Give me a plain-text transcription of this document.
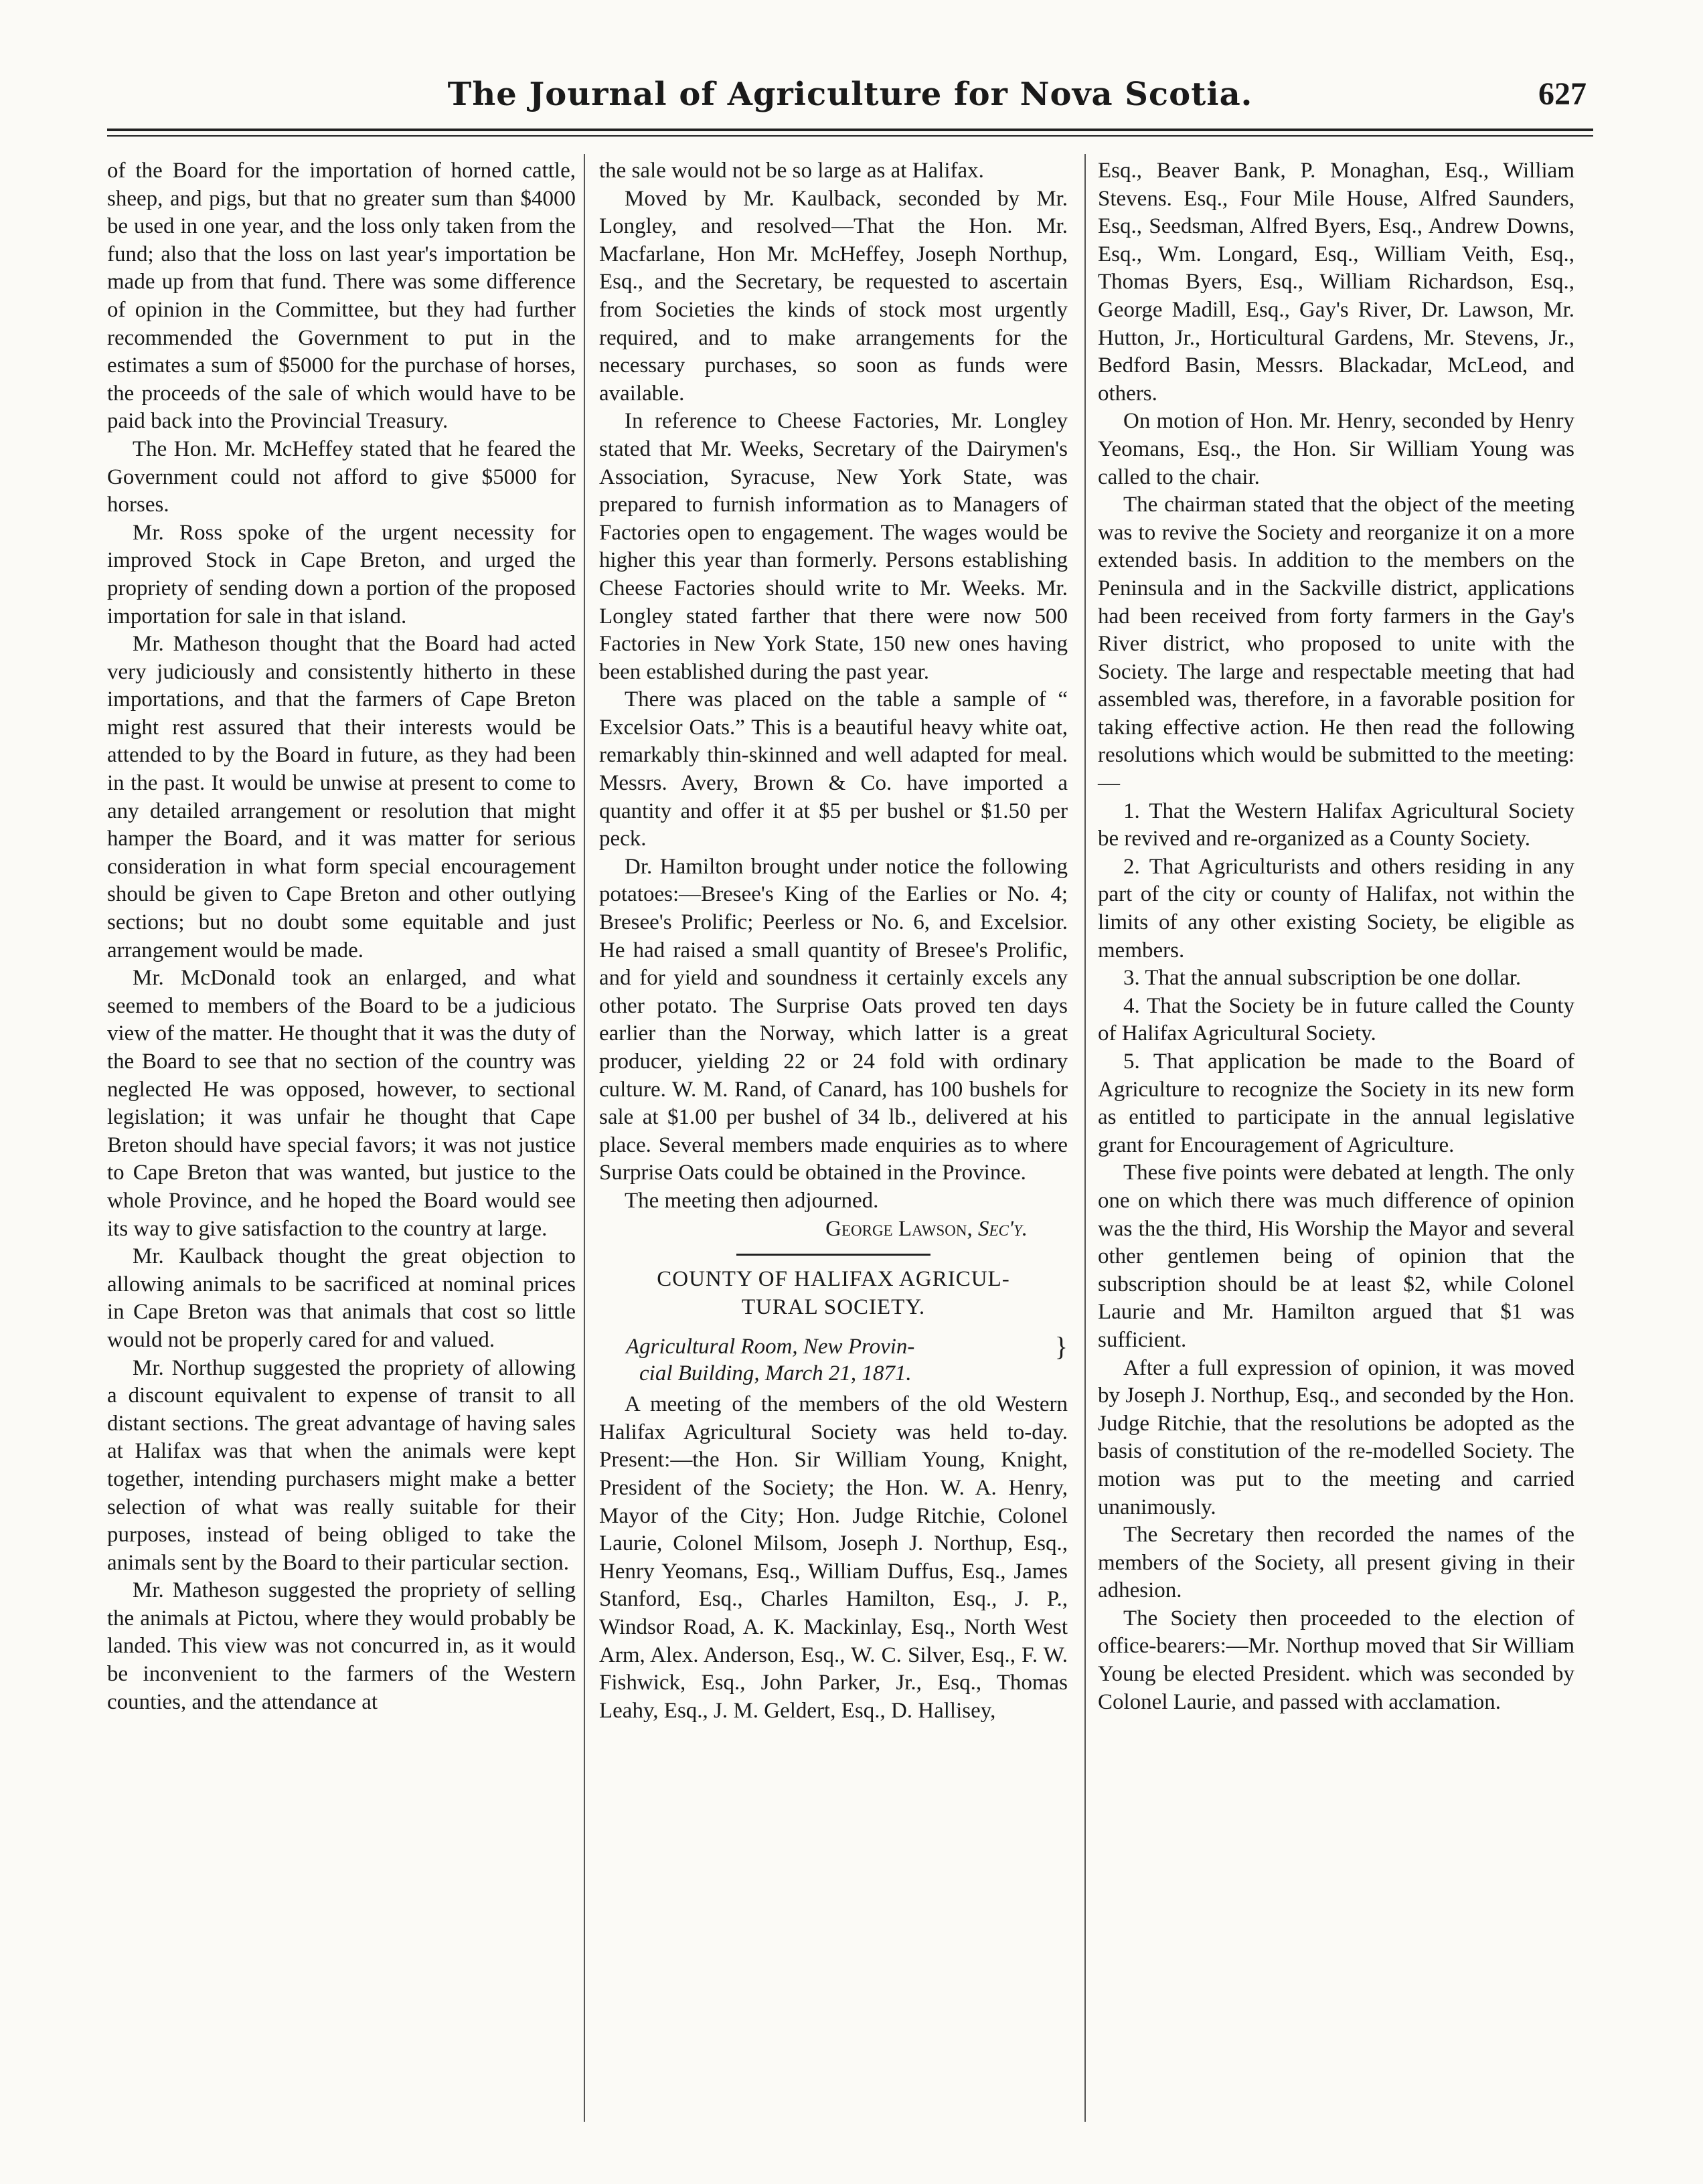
The Journal of Agriculture for Nova Scotia.	627

of the Board for the importation of horned cattle, sheep, and pigs, but that no greater sum than $4000 be used in one year, and the loss only taken from the fund; also that the loss on last year's importation be made up from that fund. There was some difference of opinion in the Committee, but they had further recommended the Government to put in the estimates a sum of $5000 for the purchase of horses, the proceeds of the sale of which would have to be paid back into the Provincial Treasury.

The Hon. Mr. McHeffey stated that he feared the Government could not afford to give $5000 for horses.

Mr. Ross spoke of the urgent necessity for improved Stock in Cape Breton, and urged the propriety of sending down a portion of the proposed importation for sale in that island.

Mr. Matheson thought that the Board had acted very judiciously and consistently hitherto in these importations, and that the farmers of Cape Breton might rest assured that their interests would be attended to by the Board in future, as they had been in the past. It would be unwise at present to come to any detailed arrangement or resolution that might hamper the Board, and it was matter for serious consideration in what form special encouragement should be given to Cape Breton and other outlying sections; but no doubt some equitable and just arrangement would be made.

Mr. McDonald took an enlarged, and what seemed to members of the Board to be a judicious view of the matter. He thought that it was the duty of the Board to see that no section of the country was neglected He was opposed, however, to sectional legislation; it was unfair he thought that Cape Breton should have special favors; it was not justice to Cape Breton that was wanted, but justice to the whole Province, and he hoped the Board would see its way to give satisfaction to the country at large.

Mr. Kaulback thought the great objection to allowing animals to be sacrificed at nominal prices in Cape Breton was that animals that cost so little would not be properly cared for and valued.

Mr. Northup suggested the propriety of allowing a discount equivalent to expense of transit to all distant sections. The great advantage of having sales at Halifax was that when the animals were kept together, intending purchasers might make a better selection of what was really suitable for their purposes, instead of being obliged to take the animals sent by the Board to their particular section.

Mr. Matheson suggested the propriety of selling the animals at Pictou, where they would probably be landed. This view was not concurred in, as it would be inconvenient to the farmers of the Western counties, and the attendance at

the sale would not be so large as at Halifax.

Moved by Mr. Kaulback, seconded by Mr. Longley, and resolved—That the Hon. Mr. Macfarlane, Hon Mr. McHeffey, Joseph Northup, Esq., and the Secretary, be requested to ascertain from Societies the kinds of stock most urgently required, and to make arrangements for the necessary purchases, so soon as funds were available.

In reference to Cheese Factories, Mr. Longley stated that Mr. Weeks, Secretary of the Dairymen's Association, Syracuse, New York State, was prepared to furnish information as to Managers of Factories open to engagement. The wages would be higher this year than formerly. Persons establishing Cheese Factories should write to Mr. Weeks. Mr. Longley stated farther that there were now 500 Factories in New York State, 150 new ones having been established during the past year.

There was placed on the table a sample of “ Excelsior Oats.” This is a beautiful heavy white oat, remarkably thin-skinned and well adapted for meal. Messrs. Avery, Brown & Co. have imported a quantity and offer it at $5 per bushel or $1.50 per peck.

Dr. Hamilton brought under notice the following potatoes:—Bresee's King of the Earlies or No. 4; Bresee's Prolific; Peerless or No. 6, and Excelsior. He had raised a small quantity of Bresee's Prolific, and for yield and soundness it certainly excels any other potato. The Surprise Oats proved ten days earlier than the Norway, which latter is a great producer, yielding 22 or 24 fold with ordinary culture. W. M. Rand, of Canard, has 100 bushels for sale at $1.00 per bushel of 34 lb., delivered at his place. Several members made enquiries as to where Surprise Oats could be obtained in the Province.

The meeting then adjourned.

George Lawson, Sec'y.

COUNTY OF HALIFAX AGRICUL-
TURAL SOCIETY.
Agricultural Room, New Provin-	}
cial Building, March 21, 1871.

A meeting of the members of the old Western Halifax Agricultural Society was held to-day. Present:—the Hon. Sir William Young, Knight, President of the Society; the Hon. W. A. Henry, Mayor of the City; Hon. Judge Ritchie, Colonel Laurie, Colonel Milsom, Joseph J. Northup, Esq., Henry Yeomans, Esq., William Duffus, Esq., James Stanford, Esq., Charles Hamilton, Esq., J. P., Windsor Road, A. K. Mackinlay, Esq., North West Arm, Alex. Anderson, Esq., W. C. Silver, Esq., F. W. Fishwick, Esq., John Parker, Jr., Esq., Thomas Leahy, Esq., J. M. Geldert, Esq., D. Hallisey,

Esq., Beaver Bank, P. Monaghan, Esq., William Stevens. Esq., Four Mile House, Alfred Saunders, Esq., Seedsman, Alfred Byers, Esq., Andrew Downs, Esq., Wm. Longard, Esq., William Veith, Esq., Thomas Byers, Esq., William Richardson, Esq., George Madill, Esq., Gay's River, Dr. Lawson, Mr. Hutton, Jr., Horticultural Gardens, Mr. Stevens, Jr., Bedford Basin, Messrs. Blackadar, McLeod, and others.

On motion of Hon. Mr. Henry, seconded by Henry Yeomans, Esq., the Hon. Sir William Young was called to the chair.

The chairman stated that the object of the meeting was to revive the Society and reorganize it on a more extended basis. In addition to the members on the Peninsula and in the Sackville district, applications had been received from forty farmers in the Gay's River district, who proposed to unite with the Society. The large and respectable meeting that had assembled was, therefore, in a favorable position for taking effective action. He then read the following resolutions which would be submitted to the meeting:—

1. That the Western Halifax Agricultural Society be revived and re-organized as a County Society.

2. That Agriculturists and others residing in any part of the city or county of Halifax, not within the limits of any other existing Society, be eligible as members.

3. That the annual subscription be one dollar.

4. That the Society be in future called the County of Halifax Agricultural Society.

5. That application be made to the Board of Agriculture to recognize the Society in its new form as entitled to participate in the annual legislative grant for Encouragement of Agriculture.

These five points were debated at length. The only one on which there was much difference of opinion was the the third, His Worship the Mayor and several other gentlemen being of opinion that the subscription should be at least $2, while Colonel Laurie and Mr. Hamilton argued that $1 was sufficient.

After a full expression of opinion, it was moved by Joseph J. Northup, Esq., and seconded by the Hon. Judge Ritchie, that the resolutions be adopted as the basis of constitution of the re-modelled Society. The motion was put to the meeting and carried unanimously.

The Secretary then recorded the names of the members of the Society, all present giving in their adhesion.

The Society then proceeded to the election of office-bearers:—Mr. Northup moved that Sir William Young be elected President. which was seconded by Colonel Laurie, and passed with acclamation.
